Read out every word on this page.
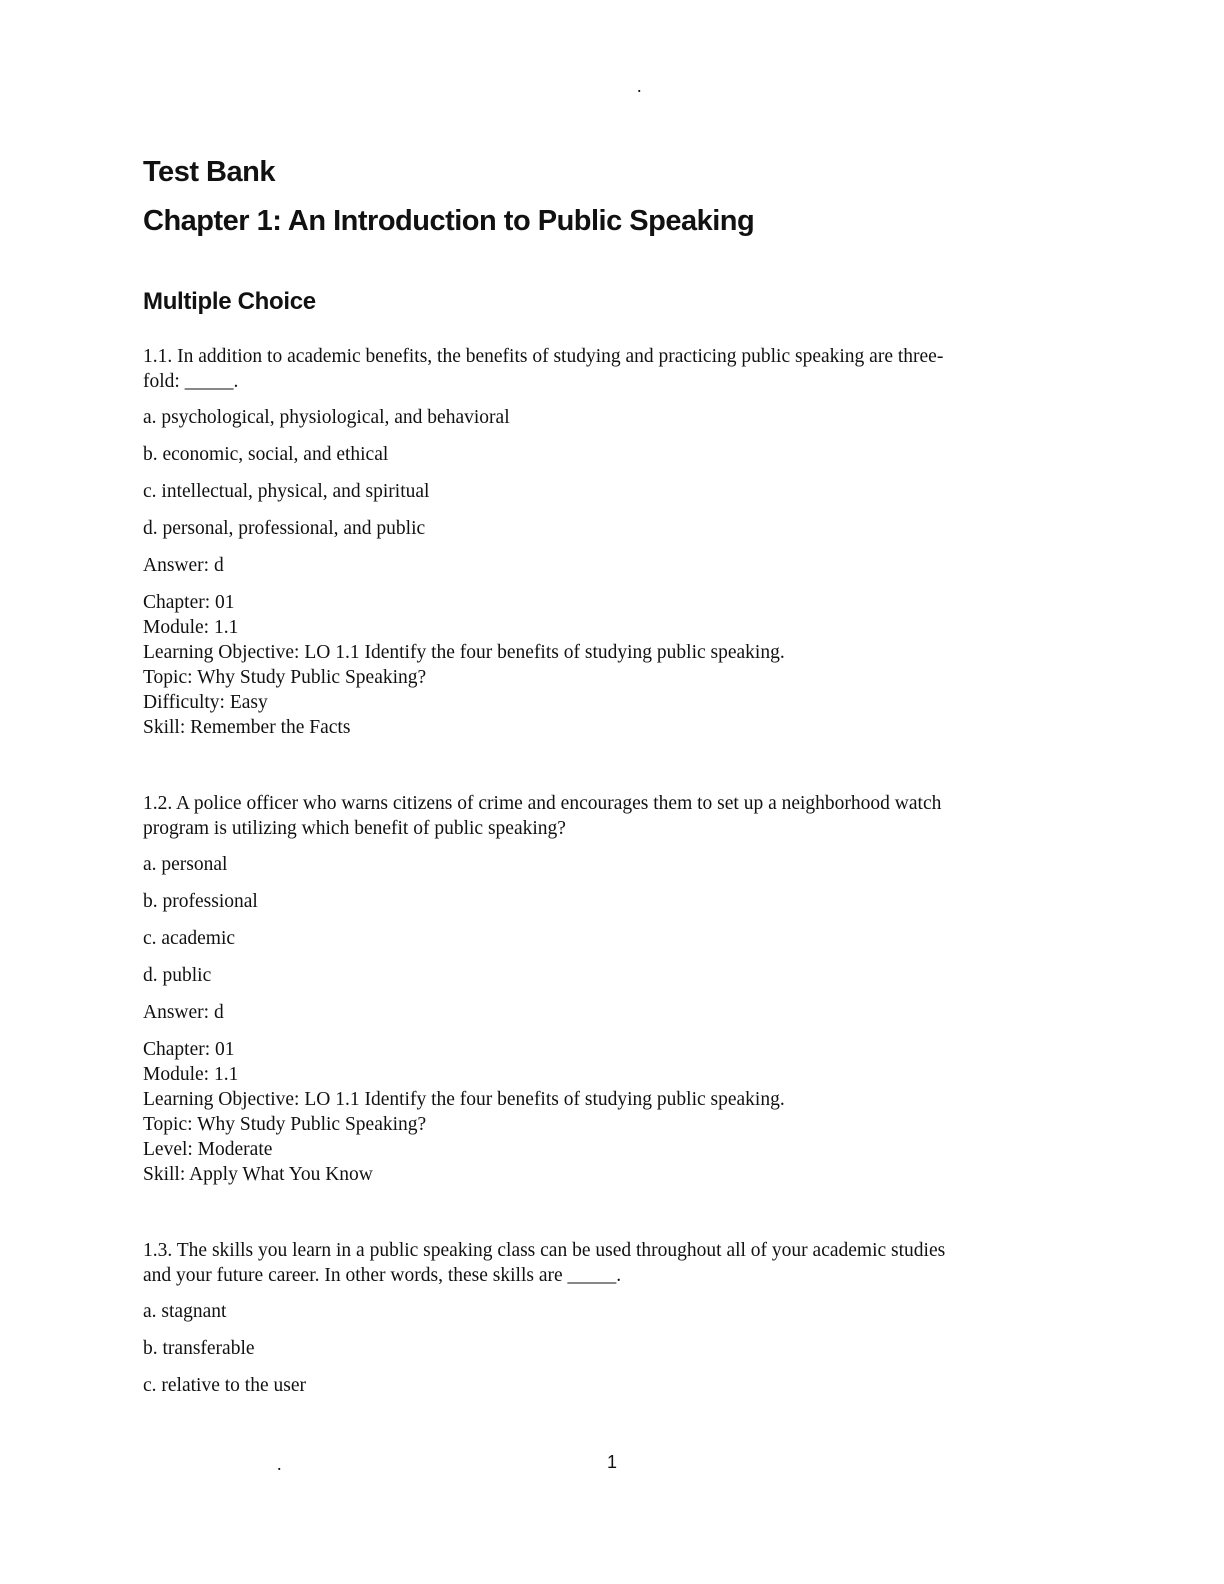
.
Test Bank
Chapter 1: An Introduction to Public Speaking
Multiple Choice

1.1. In addition to academic benefits, the benefits of studying and practicing public speaking are three-
fold: _____.

a. psychological, physiological, and behavioral

b. economic, social, and ethical

c. intellectual, physical, and spiritual

d. personal, professional, and public

Answer: d

Chapter: 01
Module: 1.1
Learning Objective: LO 1.1 Identify the four benefits of studying public speaking.
Topic: Why Study Public Speaking?
Difficulty: Easy
Skill: Remember the Facts

1.2. A police officer who warns citizens of crime and encourages them to set up a neighborhood watch
program is utilizing which benefit of public speaking?

a. personal

b. professional

c. academic

d. public

Answer: d

Chapter: 01
Module: 1.1
Learning Objective: LO 1.1 Identify the four benefits of studying public speaking.
Topic: Why Study Public Speaking?
Level: Moderate
Skill: Apply What You Know

1.3. The skills you learn in a public speaking class can be used throughout all of your academic studies
and your future career. In other words, these skills are _____.

a. stagnant

b. transferable

c. relative to the user

.	1
